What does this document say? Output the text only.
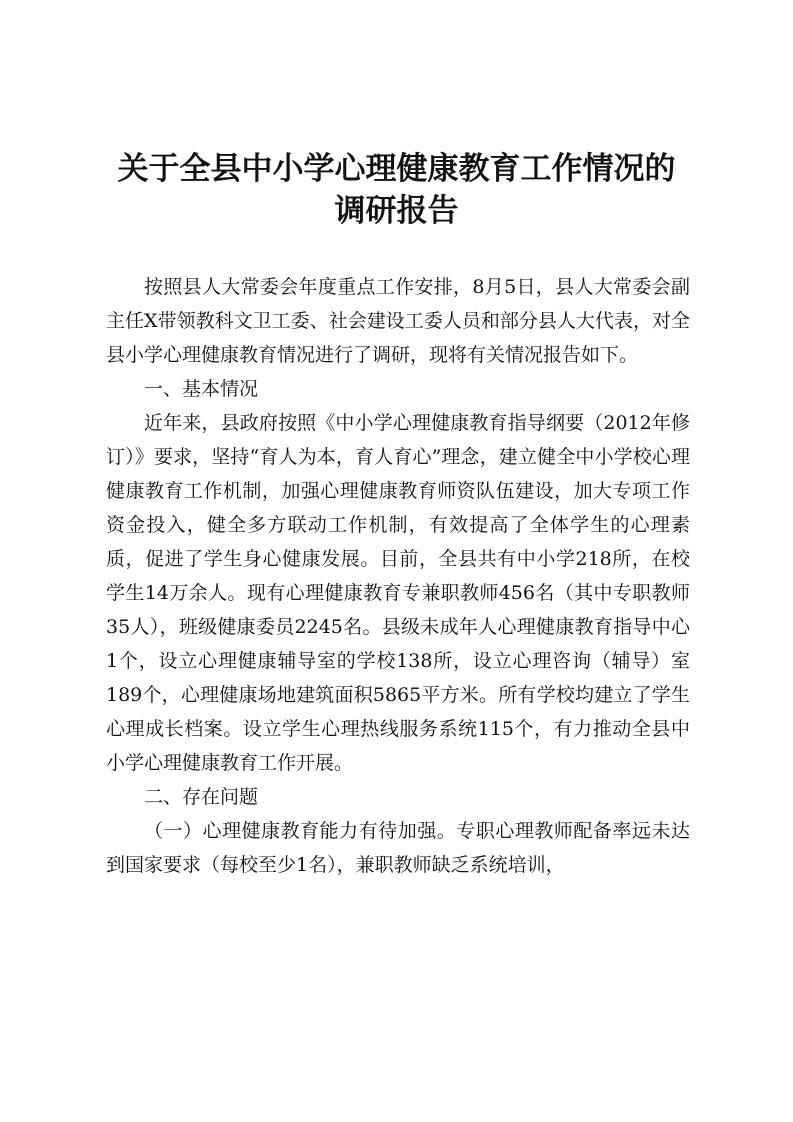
关于全县中小学心理健康教育工作情况的
调研报告

按照县人大常委会年度重点工作安排，8月5日，县人大常委会副主任X带领教科文卫工委、社会建设工委人员和部分县人大代表，对全县小学心理健康教育情况进行了调研，现将有关情况报告如下。

一、基本情况

近年来，县政府按照《中小学心理健康教育指导纲要（2012年修订）》要求，坚持“育人为本，育人育心”理念，建立健全中小学校心理健康教育工作机制，加强心理健康教育师资队伍建设，加大专项工作资金投入，健全多方联动工作机制，有效提高了全体学生的心理素质，促进了学生身心健康发展。目前，全县共有中小学218所，在校学生14万余人。现有心理健康教育专兼职教师456名（其中专职教师35人），班级健康委员2245名。县级未成年人心理健康教育指导中心1个，设立心理健康辅导室的学校138所，设立心理咨询（辅导）室189个，心理健康场地建筑面积5865平方米。所有学校均建立了学生心理成长档案。设立学生心理热线服务系统115个，有力推动全县中小学心理健康教育工作开展。

二、存在问题

（一）心理健康教育能力有待加强。专职心理教师配备率远未达到国家要求（每校至少1名），兼职教师缺乏系统培训，
